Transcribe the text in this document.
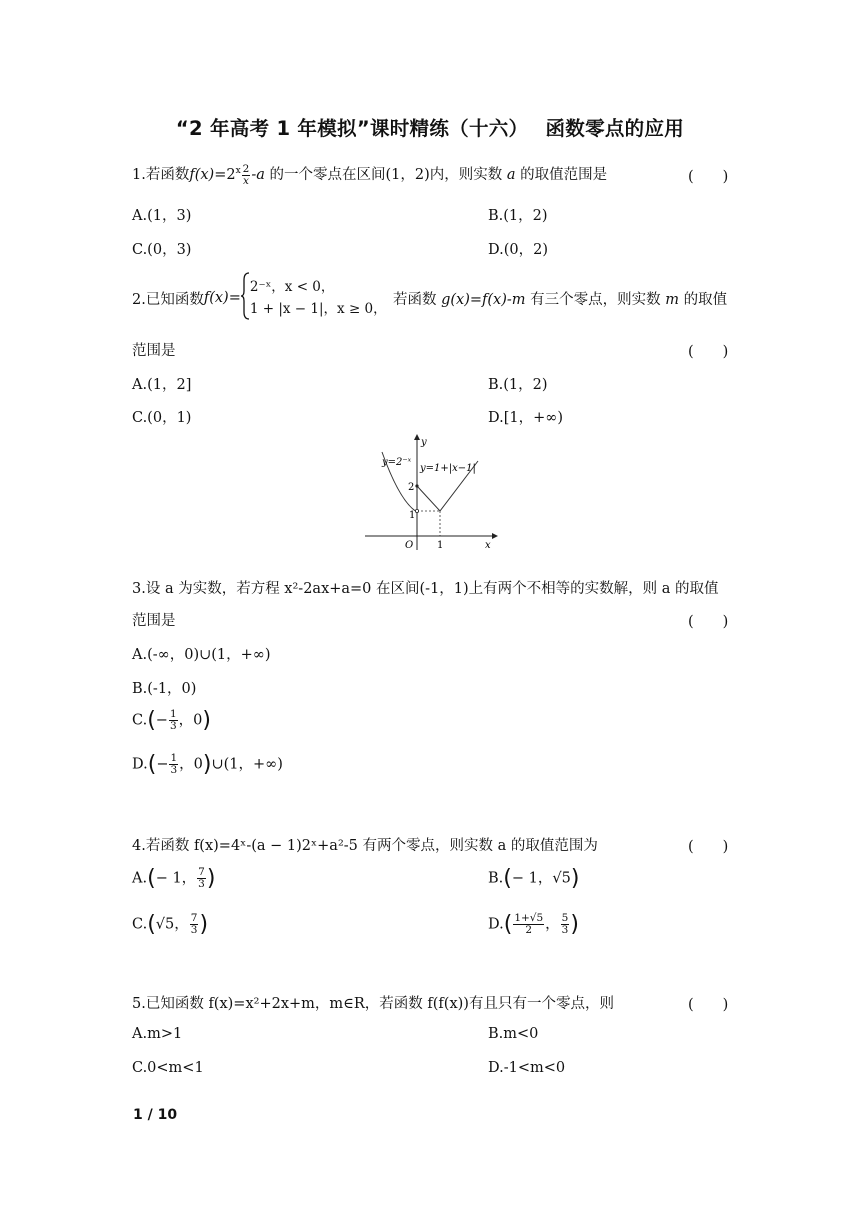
“2 年高考 1 年模拟”课时精练（十六）　 函数零点的应用
1.若函数$f(x)=2^x \frac{2}{x} -a$ 的一个零点在区间(1，2)内，则实数 a 的取值范围是	(　　)
A.(1，3)	B.(1，2)
C.(0，3)	D.(0，2)
2.已知函数f(x)=
2⁻ˣ，x < 0，
1 + |x − 1|，x ≥ 0，
若函数 g(x)=f(x)-m 有三个零点，则实数 m 的取值
范围是	(　　)
A.(1，2]	B.(1，2)
C.(0，1)	D.[1，+∞)
y=2⁻ˣ
y=1+|x−1|
y
x
O 1
1
2
3.设 a 为实数，若方程 x²-2ax+a=0 在区间(-1，1)上有两个不相等的实数解，则 a 的取值
范围是	(　　)
A.(-∞，0)∪(1，+∞)
B.(-1，0)
$C.(- \frac{1}{3}$ ，0)
$D.(- \frac{1}{3}$ ，0)∪(1，+∞)
4.若函数 f(x)=4ˣ-(a − 1)2ˣ+a²-5 有两个零点，则实数 a 的取值范围为	(　　)
A.(− 1， $\frac{7}{3}$ )	B.(− 1，√5)
C.(√5， $\frac{7}{3}$ )	$D.( \frac{1+√5}{2}$ ， $\frac{5}{3}$ )
5.已知函数 f(x)=x²+2x+m，m∈R，若函数 f(f(x))有且只有一个零点，则	(　　)
A.m>1	B.m<0
C.0<m<1	D.-1<m<0
1 / 10
